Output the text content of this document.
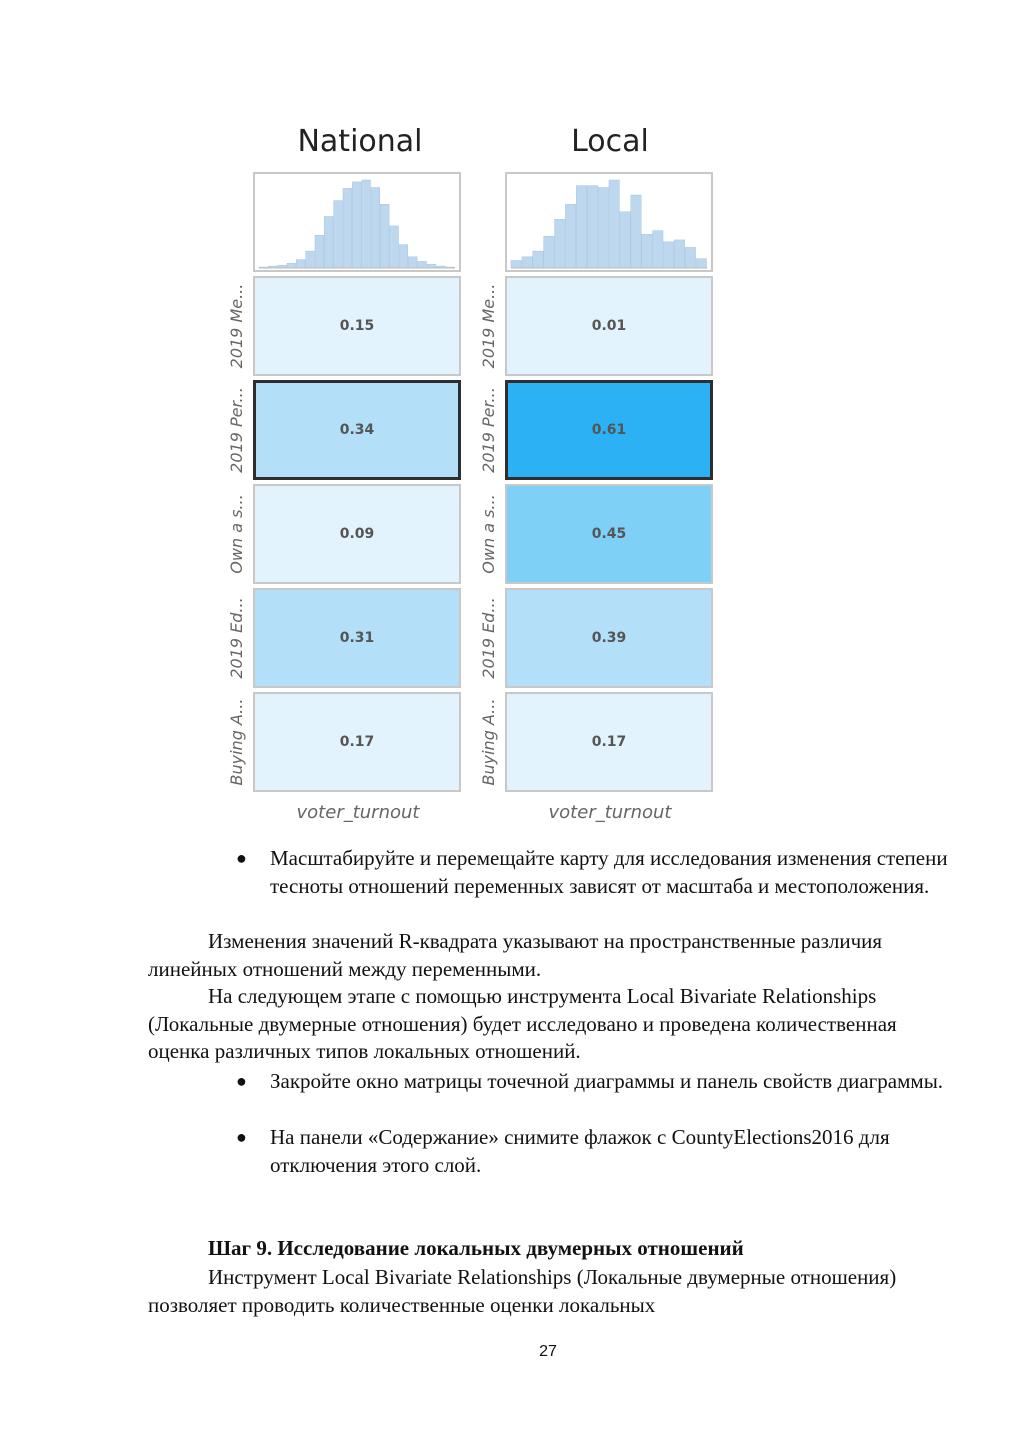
National	Local
2019 Me...
2019 Per...
Own a s...
2019 Ed...
Buying A...
2019 Me...
2019 Per...
Own a s...
2019 Ed...
Buying A...
0.15
0.34
0.09
0.31
0.17
0.01
0.61
0.45
0.39
0.17
voter_turnout	voter_turnout
● Масштабируйте и перемещайте карту для исследования изменения степени тесноты отношений переменных зависят от масштаба и местоположения.
Изменения значений R-квадрата указывают на пространственные различия линейных отношений между переменными.
На следующем этапе с помощью инструмента Local Bivariate Relationships (Локальные двумерные отношения) будет исследовано и проведена количественная оценка различных типов локальных отношений.
● Закройте окно матрицы точечной диаграммы и панель свойств диаграммы.
● На панели «Содержание» снимите флажок с CountyElections2016 для отключения этого слой.
Шаг 9. Исследование локальных двумерных отношений
Инструмент Local Bivariate Relationships (Локальные двумерные отношения) позволяет проводить количественные оценки локальных
27
